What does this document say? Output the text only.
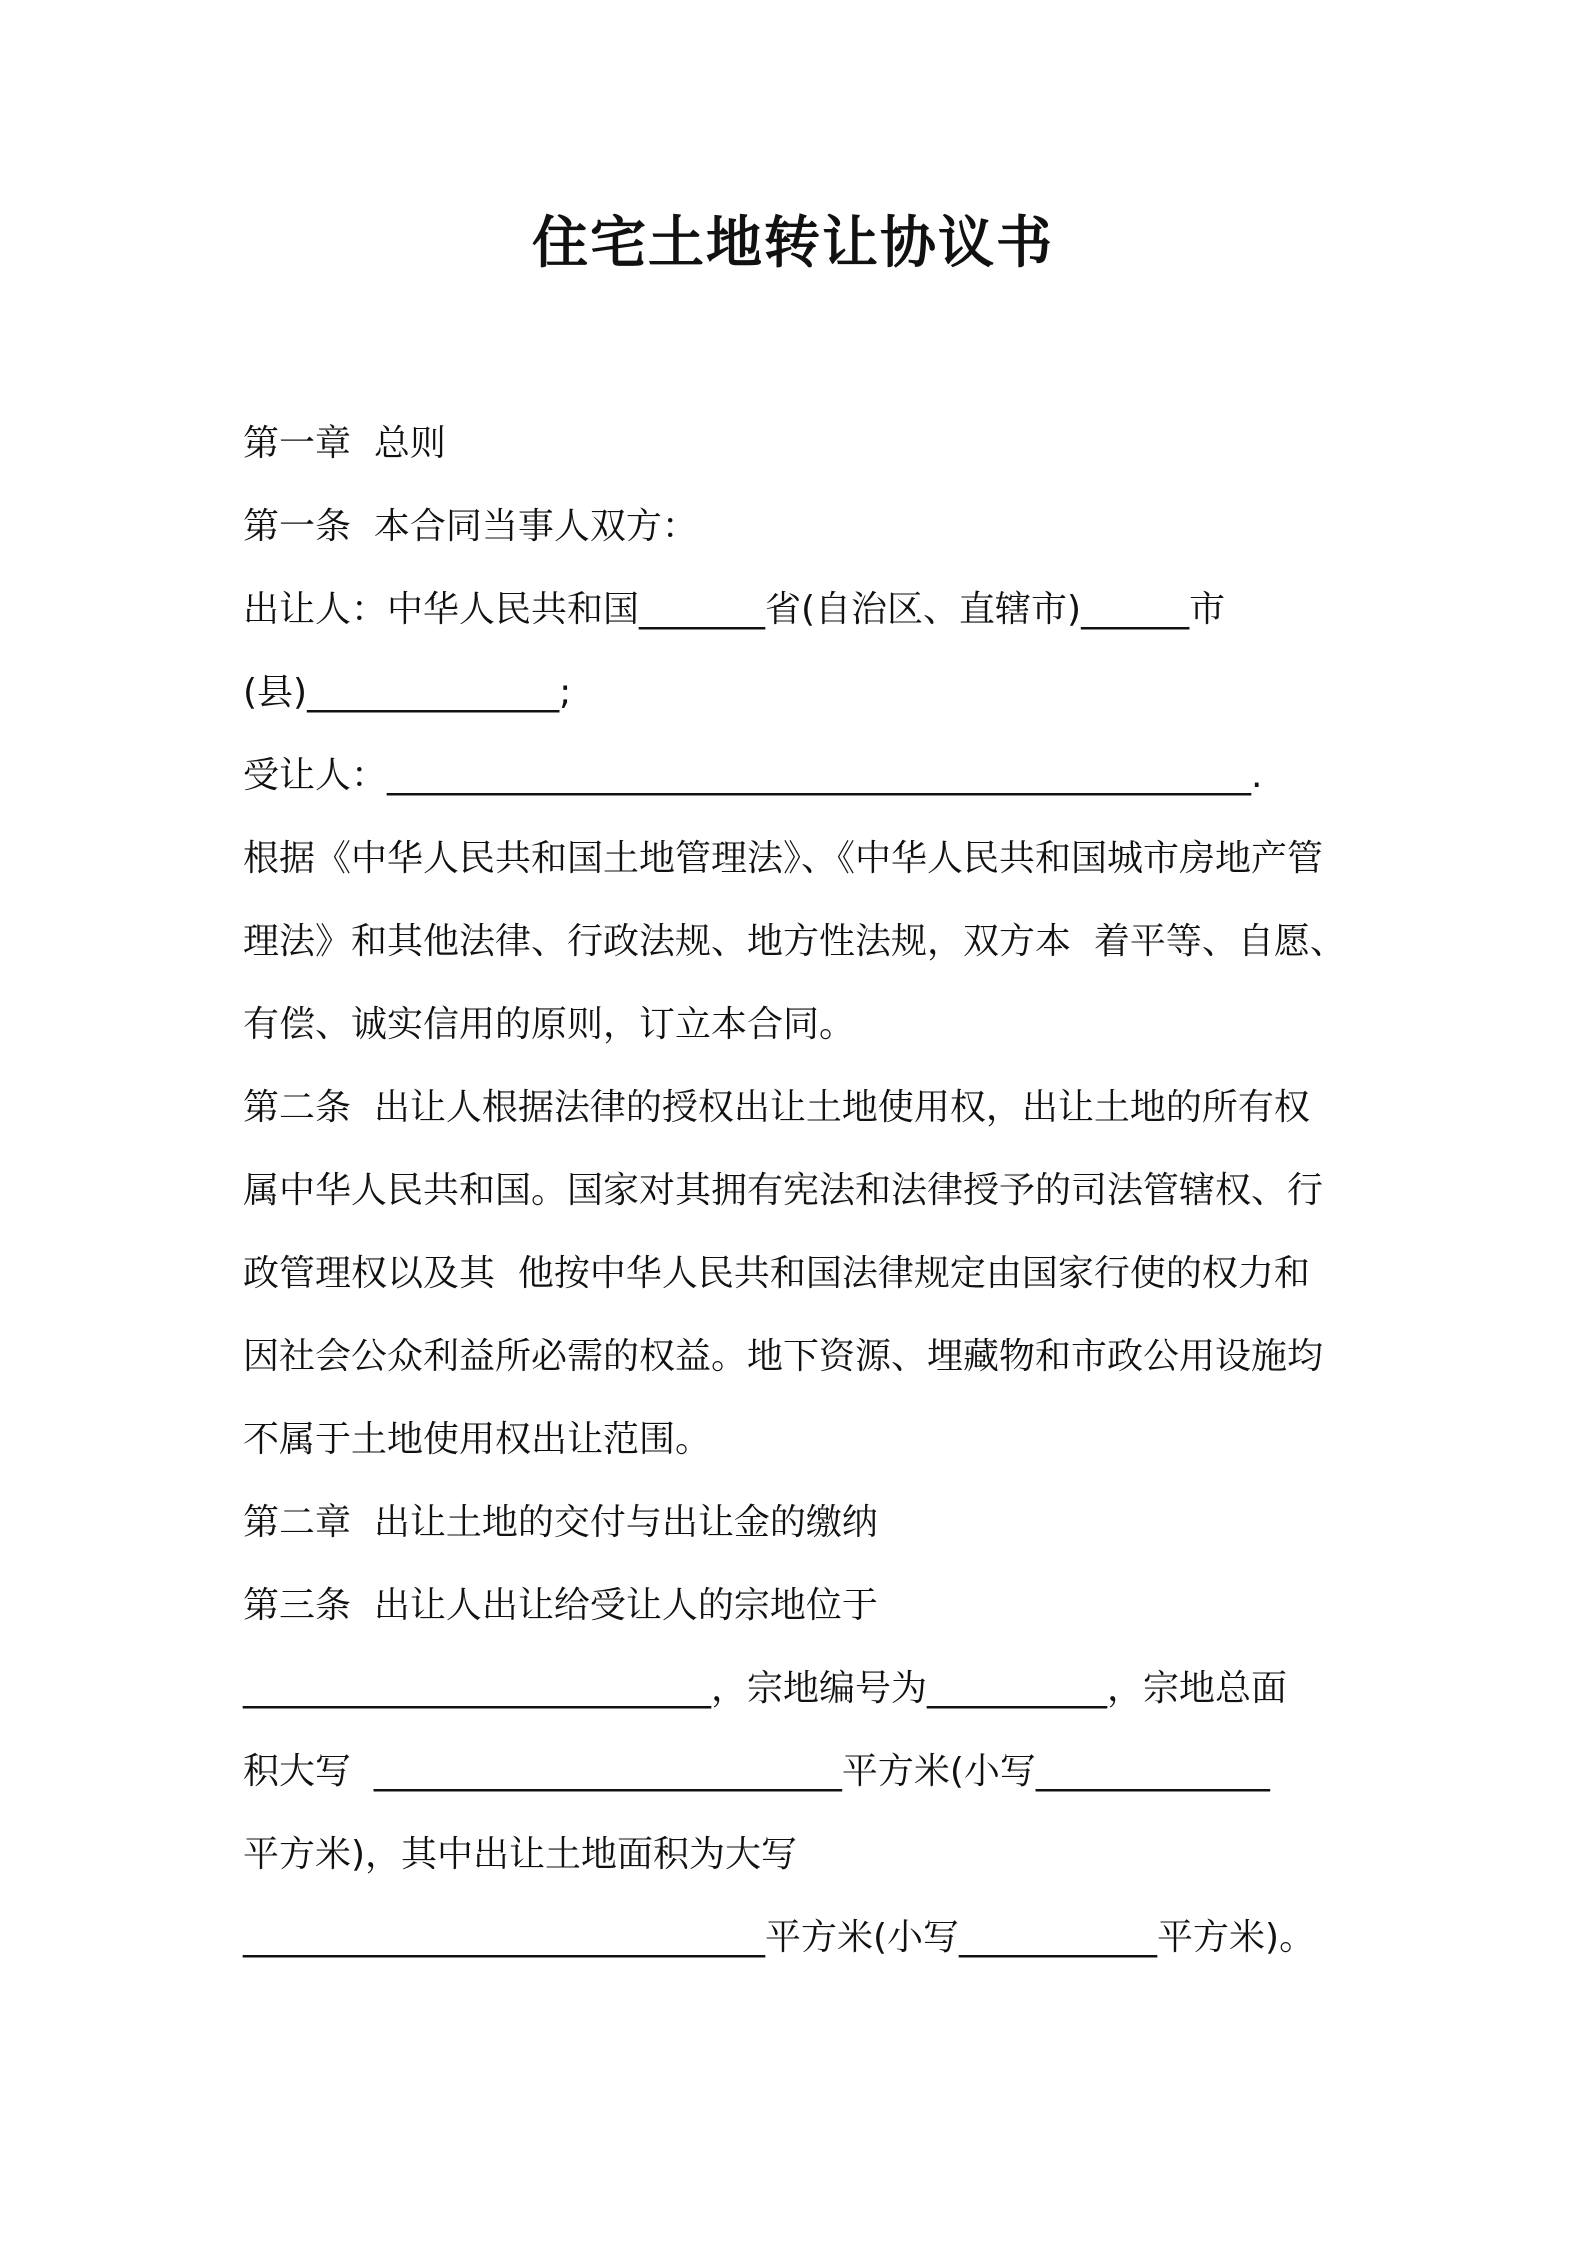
住宅土地转让协议书
第一章  总则
第一条  本合同当事人双方：
出让人：中华人民共和国_______省(自治区、直辖市)______市
(县)______________;
受让人：________________________________________________.
根据《中华人民共和国土地管理法》、《中华人民共和国城市房地产管
理法》和其他法律、行政法规、地方性法规，双方本  着平等、自愿、
有偿、诚实信用的原则，订立本合同。
第二条  出让人根据法律的授权出让土地使用权，出让土地的所有权
属中华人民共和国。国家对其拥有宪法和法律授予的司法管辖权、行
政管理权以及其  他按中华人民共和国法律规定由国家行使的权力和
因社会公众利益所必需的权益。地下资源、埋藏物和市政公用设施均
不属于土地使用权出让范围。
第二章  出让土地的交付与出让金的缴纳
第三条  出让人出让给受让人的宗地位于
__________________________，宗地编号为__________，宗地总面
积大写  __________________________平方米(小写_____________
平方米)，其中出让土地面积为大写
_____________________________平方米(小写___________平方米)。
